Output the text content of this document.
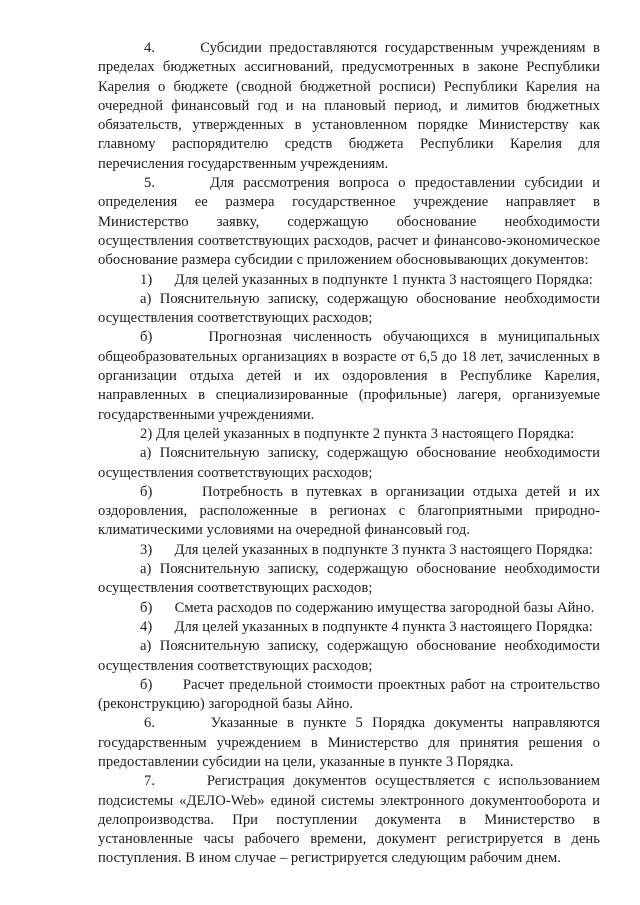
4.      Субсидии предоставляются государственным учреждениям в пределах бюджетных ассигнований, предусмотренных в законе Республики Карелия о бюджете (сводной бюджетной росписи) Республики Карелия на очередной финансовый год и на плановый период, и лимитов бюджетных обязательств, утвержденных в установленном порядке Министерству как главному распорядителю средств бюджета Республики Карелия для перечисления государственным учреждениям.

5.      Для рассмотрения вопроса о предоставлении субсидии и определения ее размера государственное учреждение направляет в Министерство заявку, содержащую обоснование необходимости осуществления соответствующих расходов, расчет и финансово-экономическое обоснование размера субсидии с приложением обосновывающих документов:

1)      Для целей указанных в подпункте 1 пункта 3 настоящего Порядка:

а) Пояснительную записку, содержащую обоснование необходимости осуществления соответствующих расходов;

б)     Прогнозная численность обучающихся в муниципальных общеобразовательных организациях в возрасте от 6,5 до 18 лет, зачисленных в организации отдыха детей и их оздоровления в Республике Карелия, направленных в специализированные (профильные) лагеря, организуемые государственными учреждениями.

2) Для целей указанных в подпункте 2 пункта 3 настоящего Порядка:

а) Пояснительную записку, содержащую обоснование необходимости осуществления соответствующих расходов;

б)      Потребность в путевках в организации отдыха детей и их оздоровления, расположенные в регионах с благоприятными природно-климатическими условиями на очередной финансовый год.

3)      Для целей указанных в подпункте 3 пункта 3 настоящего Порядка:

а) Пояснительную записку, содержащую обоснование необходимости осуществления соответствующих расходов;

б)      Смета расходов по содержанию имущества загородной базы Айно.

4)      Для целей указанных в подпункте 4 пункта 3 настоящего Порядка:

а) Пояснительную записку, содержащую обоснование необходимости осуществления соответствующих расходов;

б)      Расчет предельной стоимости проектных работ на строительство (реконструкцию) загородной базы Айно.

6.      Указанные в пункте 5 Порядка документы направляются государственным учреждением в Министерство для принятия решения о предоставлении субсидии на цели, указанные в пункте 3 Порядка.

7.      Регистрация документов осуществляется с использованием подсистемы «ДЕЛО-Web» единой системы электронного документооборота и делопроизводства. При поступлении документа в Министерство в установленные часы рабочего времени, документ регистрируется в день поступления. В ином случае – регистрируется следующим рабочим днем.
